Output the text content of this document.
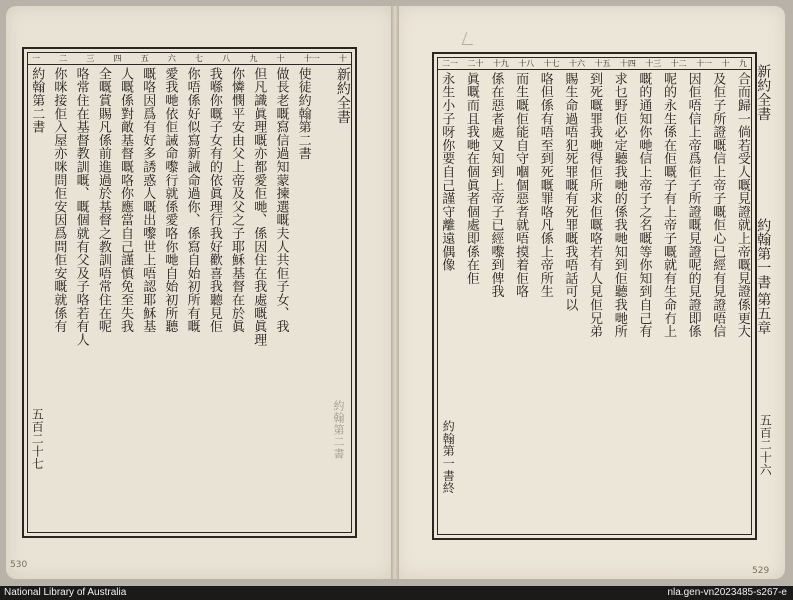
十
十一
十
九
八
七
六
五
四
三
二
一
新約全書
使徒約翰第二書
做長老嘅寫信過知蒙揀選嘅夫人共佢子女、我
但凡識眞理嘅亦都愛佢哋、係因住在我處嘅眞理
你憐憫平安由父上帝及父之子耶穌基督在於眞
我喺你嘅子女有的依眞理行我好歡喜我聽見佢
你唔係好似寫新誡命過你、係寫自始初所有嘅
愛我哋依佢誡命嚟行就係愛咯你哋自始初所聽
嘅咯因爲有好多誘惑人嘅出嚟世上唔認耶穌基
人嘅係對敵基督嘅咯你應當自己謹慎免至失我
全嘅賞賜凡係前進過於基督之教訓唔常住在呢
咯常住在基督教訓嘅、嘅個就有父及子咯若有人
你咪接佢入屋亦咪問佢安因爲問佢安嘅就係有
約翰第二書
約翰第二書
五百二十七
九
十
十一
十二
十三
十四
十五
十六
十七
十八
十九
二十
二一
合而歸一倘若受人嘅見證就上帝嘅見證係更大
及佢子所證嘅信上帝子嘅佢心已經有見證唔信
因佢唔信上帝爲佢子所證嘅見證呢的見證即係
呢的永生係在佢嘅子有上帝子嘅就有生命冇上
嘅的通知你哋信上帝子之名嘅等你知到自己有
求乜野佢必定聽我哋的係我哋知到佢聽我哋所
到死嘅罪我哋得佢所求佢嘅咯若有人見佢兄弟
賜生命過唔犯死罪嘅有死罪嘅我唔話可以
咯但係有唔至到死嘅罪咯凡係上帝所生
而生嘅佢能自守嗰個惡者就唔摸着佢咯
係在惡者處又知到上帝子已經嚟到俾我
眞嘅而且我哋在個眞者個處即係在佢
永生小子呀你要自己謹守離遠偶像	新約全書
約翰第一書
第五章
五百二十六
約翰第一書終
530
529
National Library of Australia	nla.gen-vn2023485-s267-e
